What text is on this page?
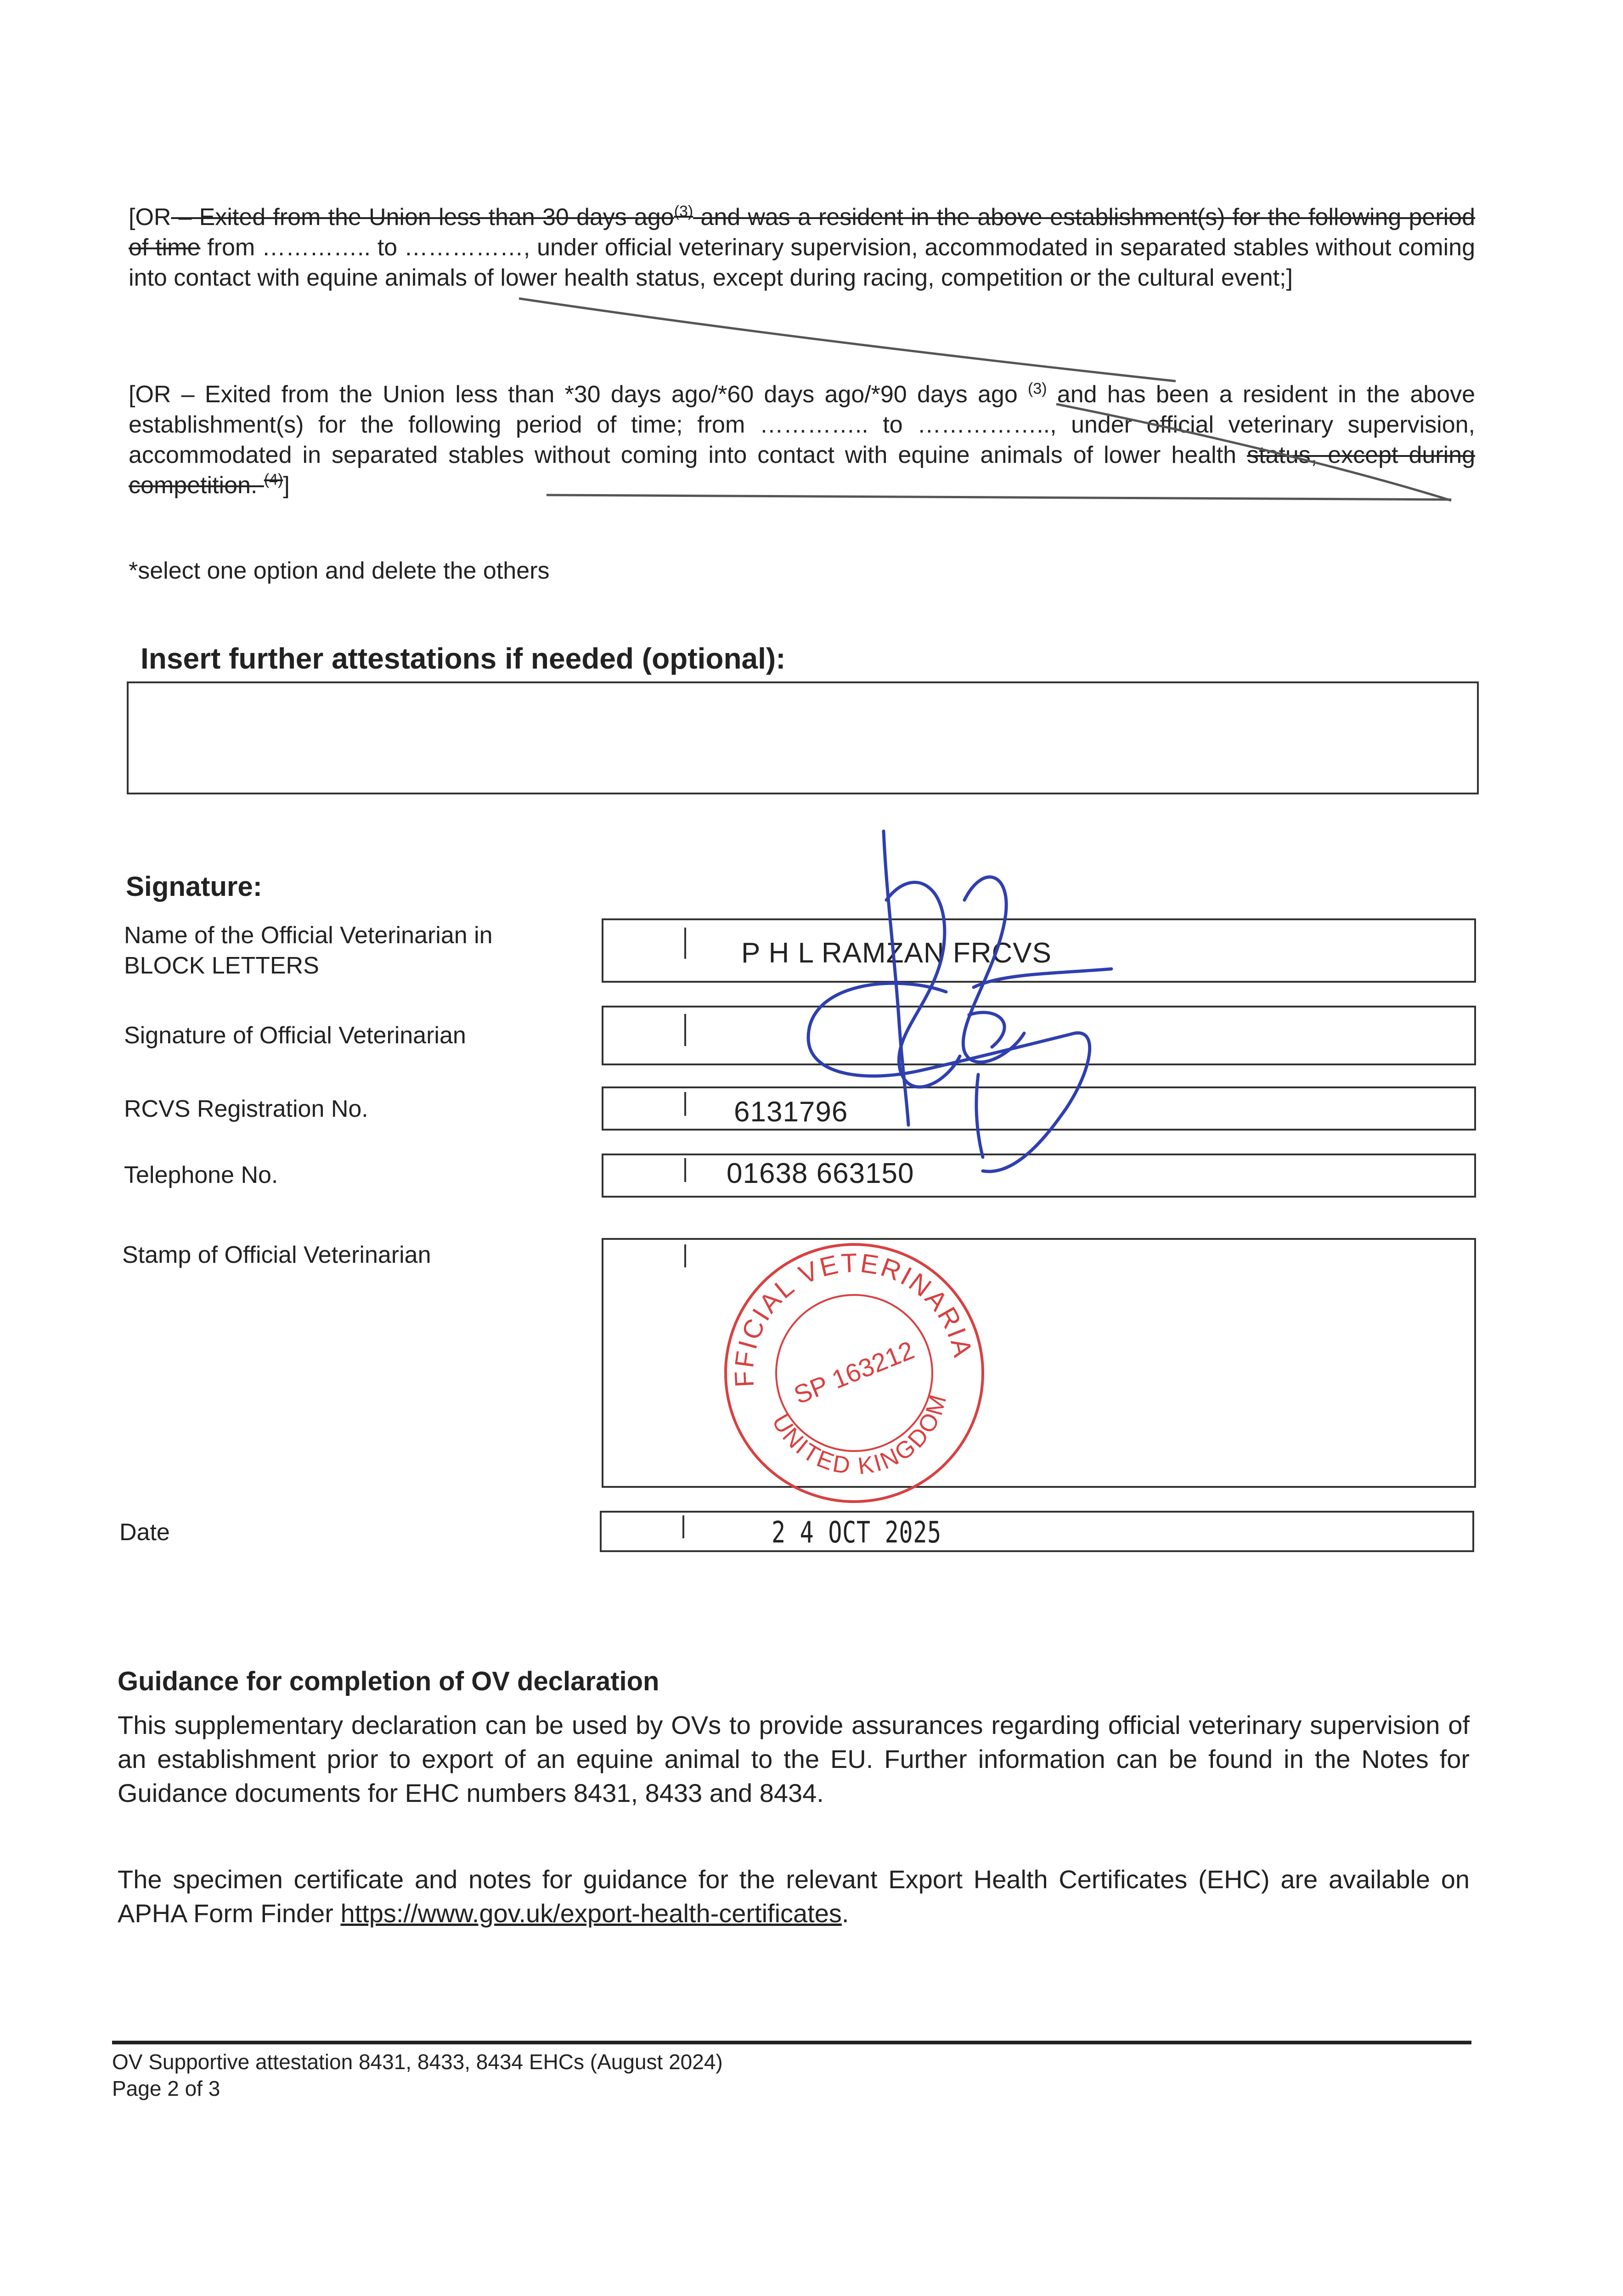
[OR – Exited from the Union less than 30 days ago$^{(3)}$ and was a resident in the above establishment(s) for the following period of time from ………….. to ……………, under official veterinary supervision, accommodated in separated stables without coming into contact with equine animals of lower health status, except during racing, competition or the cultural event;]
[OR – Exited from the Union less than *30 days ago/*60 days ago/*90 days ago $^{(3)}$ and has been a resident in the above establishment(s) for the following period of time; from ………….. to …………….., under official veterinary supervision, accommodated in separated stables without coming into contact with equine animals of lower health status, except during competition. $^{(4)}$]
*select one option and delete the others
Insert further attestations if needed (optional):
Signature:
Name of the Official Veterinarian in BLOCK LETTERS	P H L RAMZAN FRCVS
Signature of Official Veterinarian
RCVS Registration No.	6131796
Telephone No.	01638 663150
Stamp of Official Veterinarian
Date	2 4 OCT 2025
OFFICIAL VETERINARIAN
UNITED KINGDOM
SP 163212
Guidance for completion of OV declaration
This supplementary declaration can be used by OVs to provide assurances regarding official veterinary supervision of an establishment prior to export of an equine animal to the EU. Further information can be found in the Notes for Guidance documents for EHC numbers 8431, 8433 and 8434.
The specimen certificate and notes for guidance for the relevant Export Health Certificates (EHC) are available on APHA Form Finder https://www.gov.uk/export-health-certificates.
OV Supportive attestation 8431, 8433, 8434 EHCs (August 2024)
Page 2 of 3
